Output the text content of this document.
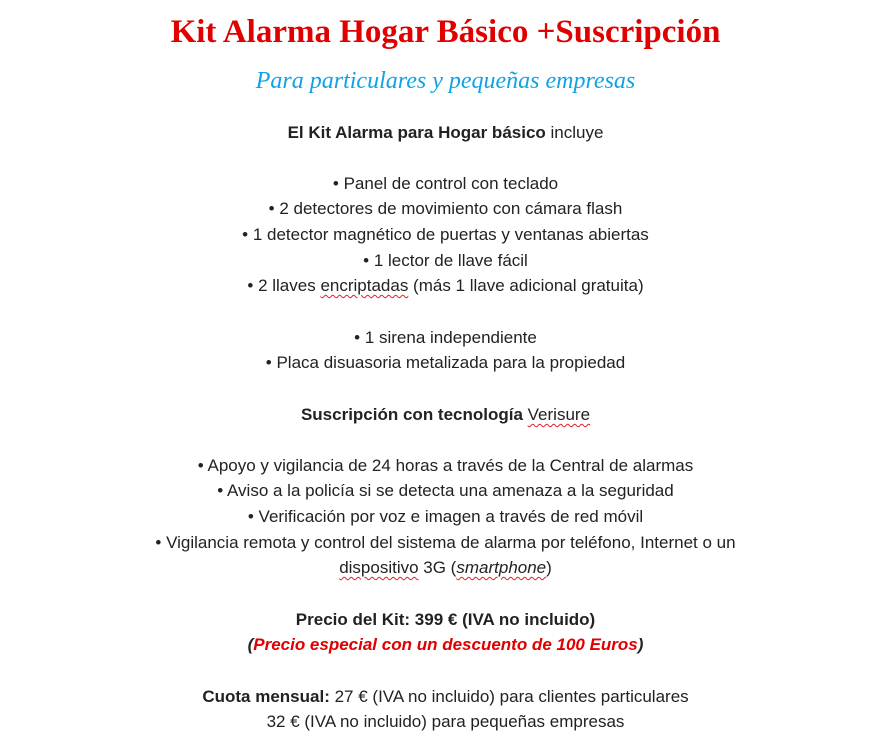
Kit Alarma Hogar Básico +Suscripción
Para particulares y pequeñas empresas
El Kit Alarma para Hogar básico incluye
• Panel de control con teclado
• 2 detectores de movimiento con cámara flash
• 1 detector magnético de puertas y ventanas abiertas
• 1 lector de llave fácil
• 2 llaves encriptadas (más 1 llave adicional gratuita)
• 1 sirena independiente
• Placa disuasoria metalizada para la propiedad
Suscripción con tecnología Verisure
• Apoyo y vigilancia de 24 horas a través de la Central de alarmas
• Aviso a la policía si se detecta una amenaza a la seguridad
• Verificación por voz e imagen a través de red móvil
• Vigilancia remota y control del sistema de alarma por teléfono, Internet o un
dispositivo 3G (smartphone)
Precio del Kit: 399 € (IVA no incluido)
(Precio especial con un descuento de 100 Euros)
Cuota mensual: 27 € (IVA no incluido) para clientes particulares
32 € (IVA no incluido) para pequeñas empresas
